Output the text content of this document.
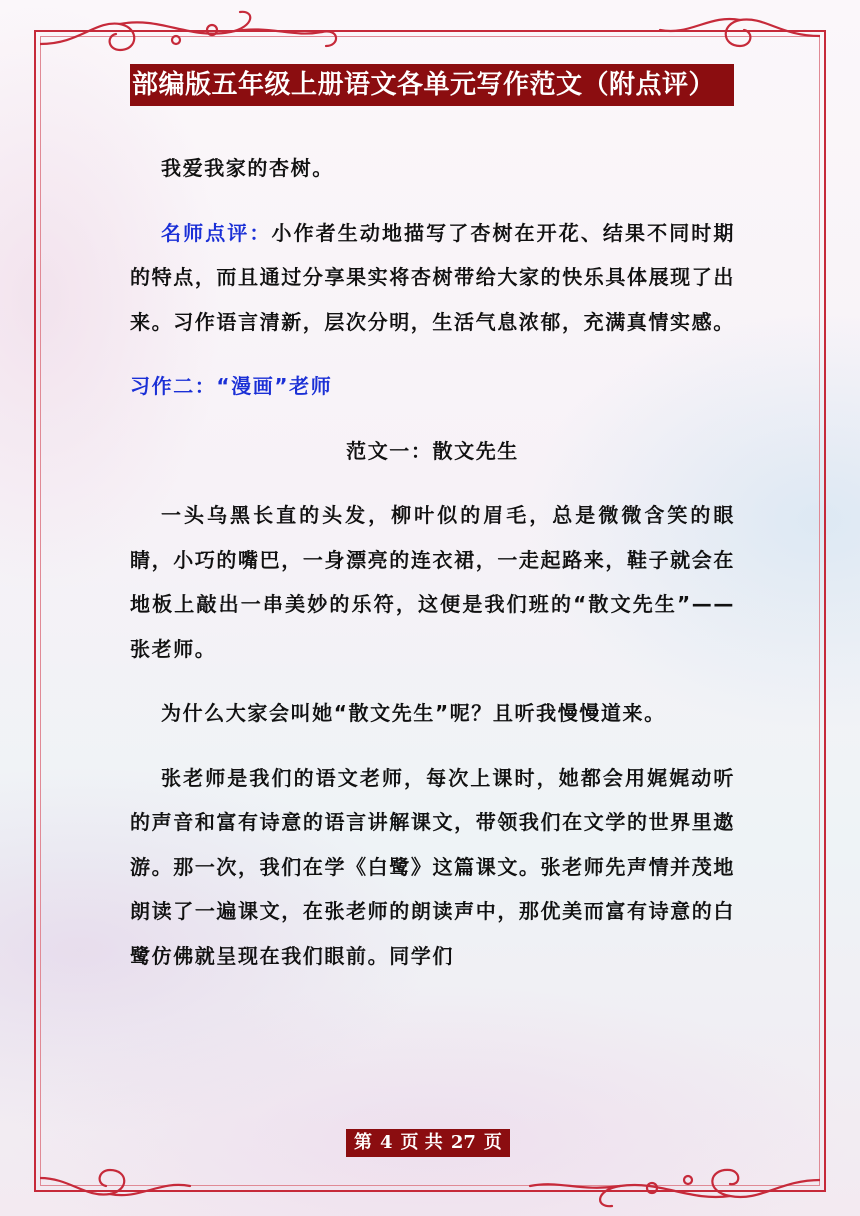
部编版五年级上册语文各单元写作范文（附点评）

我爱我家的杏树。

名师点评：小作者生动地描写了杏树在开花、结果不同时期的特点，而且通过分享果实将杏树带给大家的快乐具体展现了出来。习作语言清新，层次分明，生活气息浓郁，充满真情实感。

习作二：“漫画”老师

范文一：散文先生

一头乌黑长直的头发，柳叶似的眉毛，总是微微含笑的眼睛，小巧的嘴巴，一身漂亮的连衣裙，一走起路来，鞋子就会在地板上敲出一串美妙的乐符，这便是我们班的“散文先生”——张老师。

为什么大家会叫她“散文先生”呢？且听我慢慢道来。

张老师是我们的语文老师，每次上课时，她都会用娓娓动听的声音和富有诗意的语言讲解课文，带领我们在文学的世界里遨游。那一次，我们在学《白鹭》这篇课文。张老师先声情并茂地朗读了一遍课文，在张老师的朗读声中，那优美而富有诗意的白鹭仿佛就呈现在我们眼前。同学们

第 4 页 共 27 页
